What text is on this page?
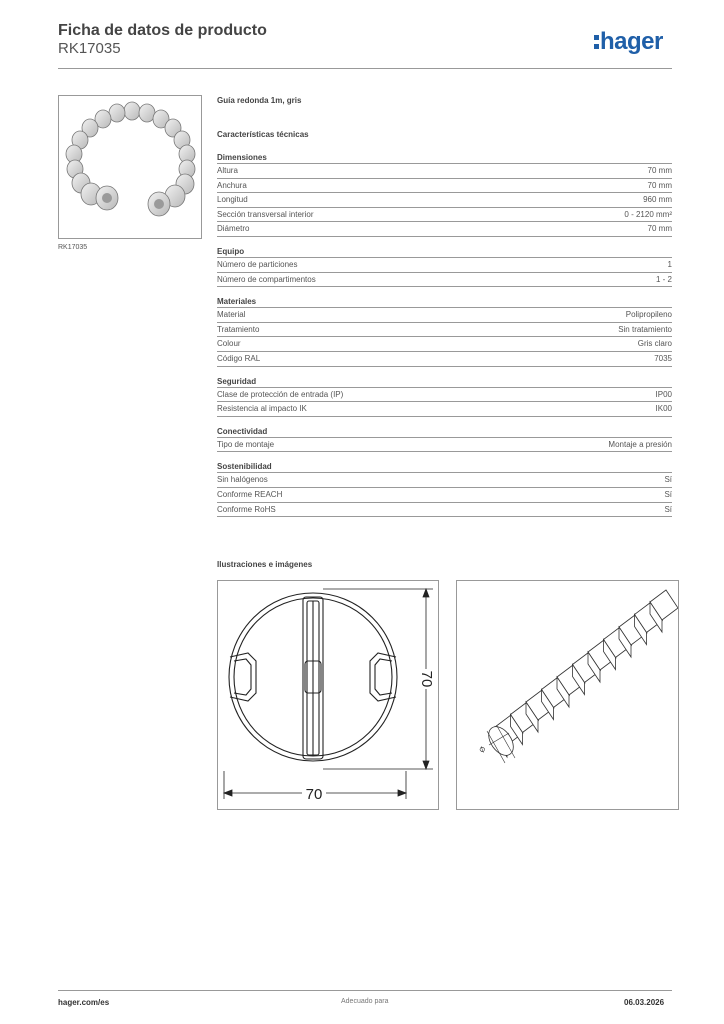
Ficha de datos de producto
RK17035	hager
RK17035
Guía redonda 1m, gris
Características técnicas
Dimensiones
Altura	70 mm
Anchura	70 mm
Longitud	960 mm
Sección transversal interior	0 - 2120 mm²
Diámetro	70 mm
Equipo
Número de particiones	1
Número de compartimentos	1 - 2
Materiales
Material	Polipropileno
Tratamiento	Sin tratamiento
Colour	Gris claro
Código RAL	7035
Seguridad
Clase de protección de entrada (IP)	IP00
Resistencia al impacto IK	IK00
Conectividad
Tipo de montaje	Montaje a presión
Sostenibilidad
Sin halógenos	Sí
Conforme REACH	Sí
Conforme RoHS	Sí
Ilustraciones e imágenes
70
70
Ø
hager.com/es	Adecuado para	06.03.2026
